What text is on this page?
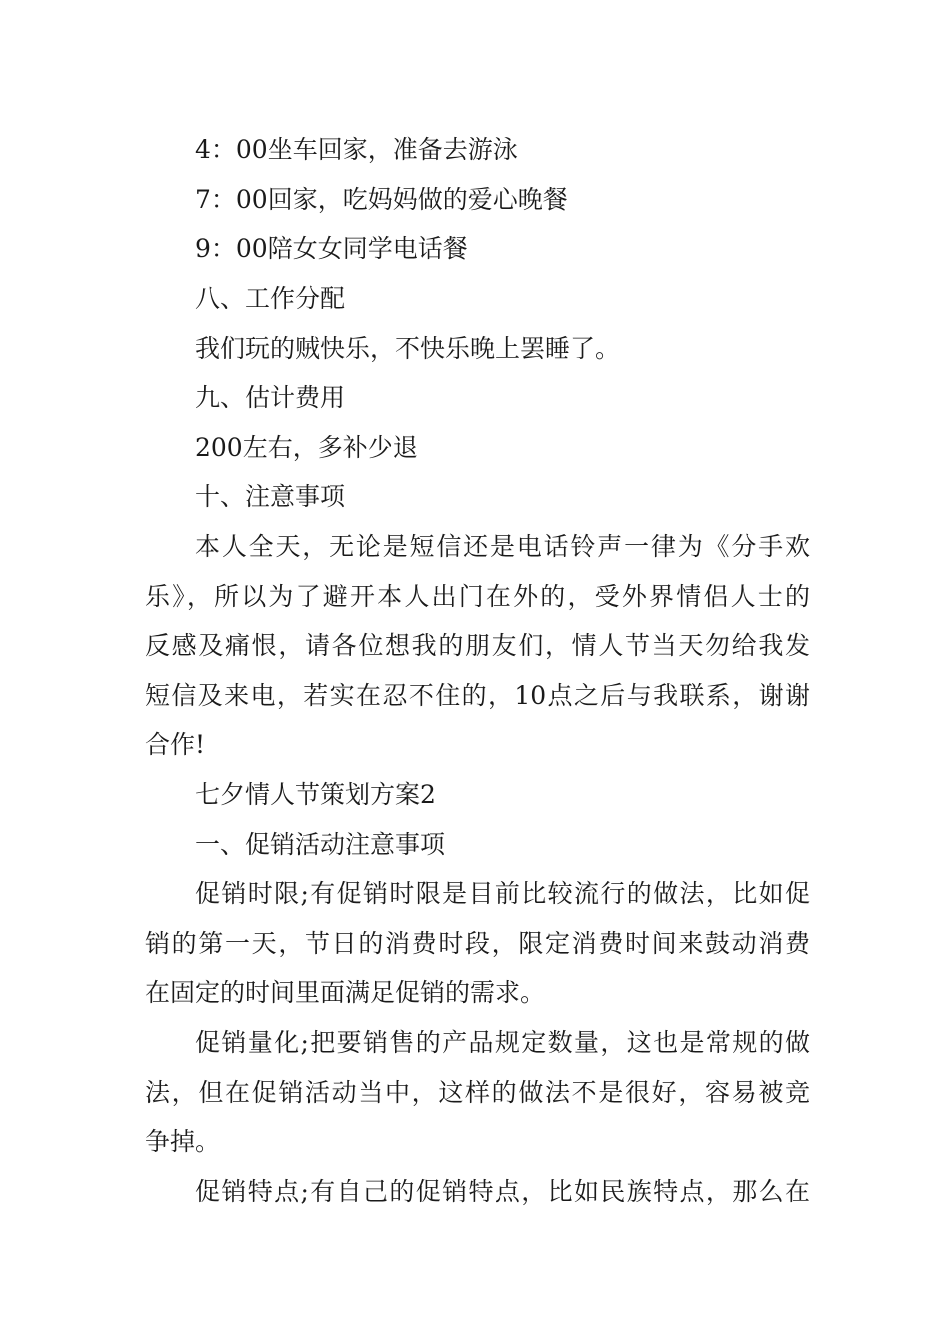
4：00坐车回家，准备去游泳
7：00回家，吃妈妈做的爱心晚餐
9：00陪女女同学电话餐
八、工作分配
我们玩的贼快乐，不快乐晚上罢睡了。
九、估计费用
200左右，多补少退
十、注意事项
本人全天，无论是短信还是电话铃声一律为《分手欢
乐》，所以为了避开本人出门在外的，受外界情侣人士的
反感及痛恨，请各位想我的朋友们，情人节当天勿给我发
短信及来电，若实在忍不住的，10点之后与我联系，谢谢
合作!
七夕情人节策划方案2
一、促销活动注意事项
促销时限;有促销时限是目前比较流行的做法，比如促
销的第一天，节日的消费时段，限定消费时间来鼓动消费
在固定的时间里面满足促销的需求。
促销量化;把要销售的产品规定数量，这也是常规的做
法，但在促销活动当中，这样的做法不是很好，容易被竞
争掉。
促销特点;有自己的促销特点，比如民族特点，那么在
